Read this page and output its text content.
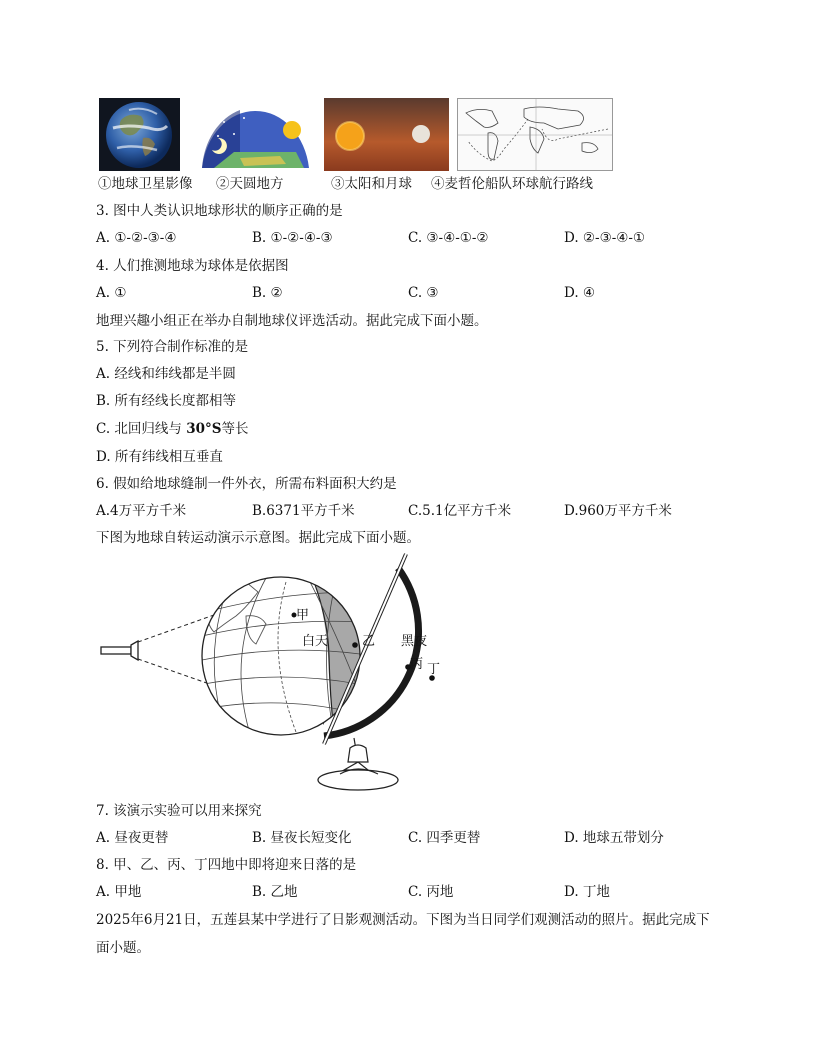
①地球卫星影像 ②天圆地方	③太阳和月球 ④麦哲伦船队环球航行路线
3. 图中人类认识地球形状的顺序正确的是
A. ①-②-③-④	B. ①-②-④-③	C. ③-④-①-②	D. ②-③-④-①
4. 人们推测地球为球体是依据图
A. ①	B. ②	C. ③	D. ④
地理兴趣小组正在举办自制地球仪评选活动。据此完成下面小题。
5. 下列符合制作标准的是
A. 经线和纬线都是半圆
B. 所有经线长度都相等
C. 北回归线与 30°S等长
D. 所有纬线相互垂直
6. 假如给地球缝制一件外衣，所需布料面积大约是
A.4万平方千米	B.6371平方千米	C.5.1亿平方千米	D.960万平方千米
下图为地球自转运动演示示意图。据此完成下面小题。
甲
白天	乙 黑夜
丙 丁
7. 该演示实验可以用来探究
A. 昼夜更替	B. 昼夜长短变化	C. 四季更替	D. 地球五带划分
8. 甲、乙、丙、丁四地中即将迎来日落的是
A. 甲地	B. 乙地	C. 丙地	D. 丁地
2025年6月21日，五莲县某中学进行了日影观测活动。下图为当日同学们观测活动的照片。据此完成下
面小题。
